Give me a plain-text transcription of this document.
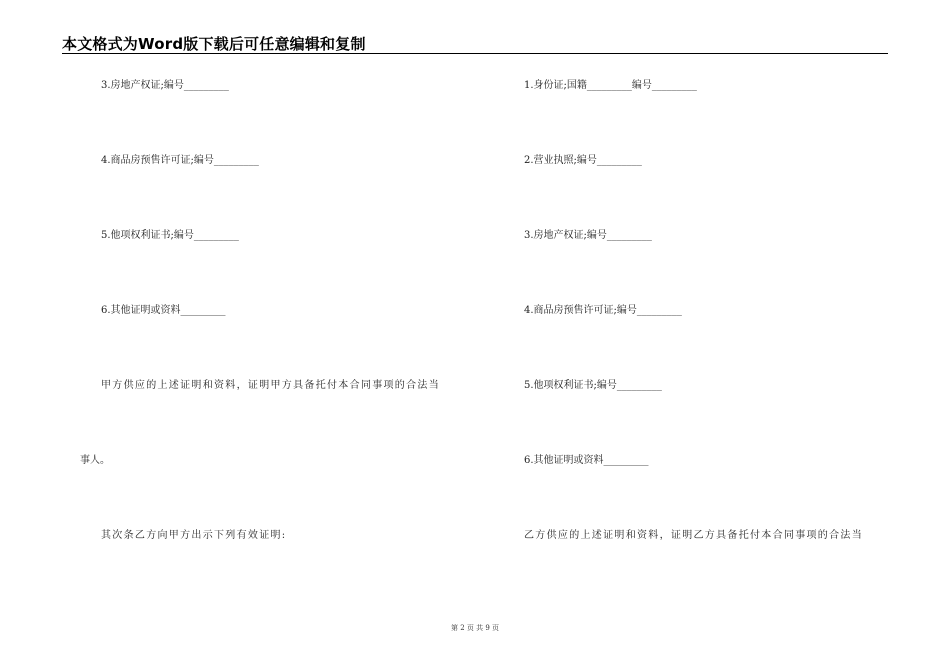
本文格式为Word版下载后可任意编辑和复制
3.房地产权证;编号_________
4.商品房预售许可证;编号_________
5.他项权利证书;编号_________
6.其他证明或资料_________
甲方供应的上述证明和资料，证明甲方具备托付本合同事项的合法当
事人。
其次条乙方向甲方出示下列有效证明:
1.身份证;国籍_________编号_________
2.营业执照;编号_________
3.房地产权证;编号_________
4.商品房预售许可证;编号_________
5.他项权利证书;编号_________
6.其他证明或资料_________
乙方供应的上述证明和资料，证明乙方具备托付本合同事项的合法当
第 2 页 共 9 页
